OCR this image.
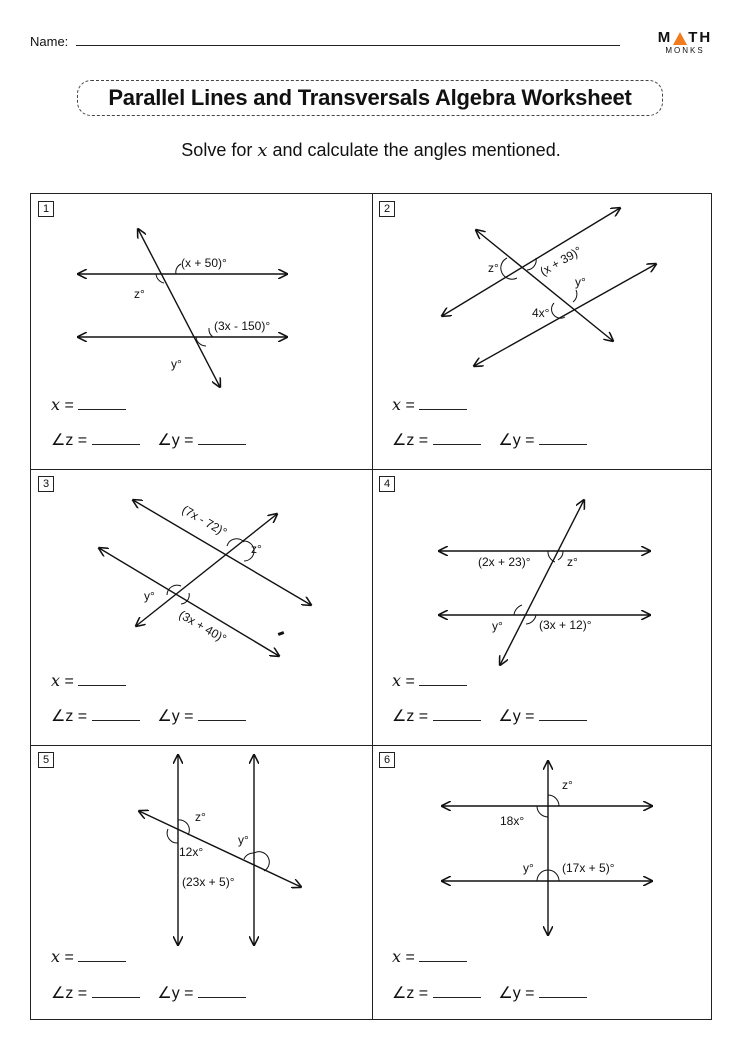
Name:	M TH
MONKS
Parallel Lines and Transversals Algebra Worksheet
Solve for x and calculate the angles mentioned.
1
(x + 50)°
z°
(3x - 150)°
y°
x =
∠z =	∠y =
2
z°	(x + 39)°
y°
4x°
x =
∠z =	∠y =
3
(7x - 72)°
z°
y°
(3x + 40)°
x =
∠z =	∠y =
4
(2x + 23)°	z°
y°	(3x + 12)°
x =
∠z =	∠y =
5
z°
12x°
y°
(23x + 5)°
x =
∠z =	∠y =
6
z°
18x°
y° (17x + 5)°
x =
∠z =	∠y =
